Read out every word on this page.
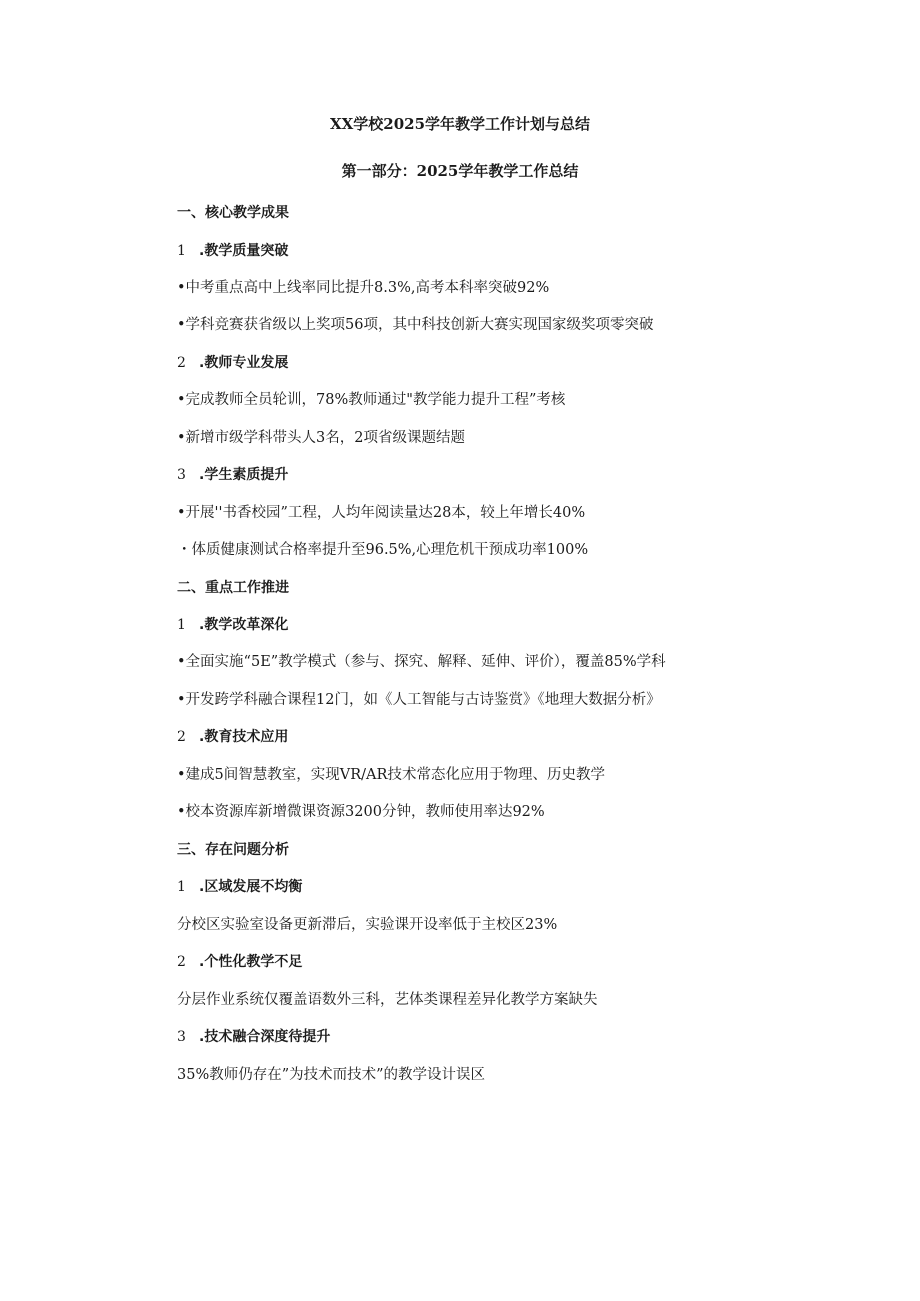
XX学校2025学年教学工作计划与总结
第一部分：2025学年教学工作总结
一、核心教学成果
1 .教学质量突破
•中考重点高中上线率同比提升8.3%,高考本科率突破92%
•学科竞赛获省级以上奖项56项，其中科技创新大赛实现国家级奖项零突破
2 .教师专业发展
•完成教师全员轮训，78%教师通过"教学能力提升工程”考核
•新增市级学科带头人3名，2项省级课题结题
3 .学生素质提升
•开展''书香校园”工程，人均年阅读量达28本，较上年增长40%
・体质健康测试合格率提升至96.5%,心理危机干预成功率100%
二、重点工作推进
1 .教学改革深化
•全面实施“5E”教学模式（参与、探究、解释、延伸、评价），覆盖85%学科
•开发跨学科融合课程12门，如《人工智能与古诗鉴赏》《地理大数据分析》
2 .教育技术应用
•建成5间智慧教室，实现VR/AR技术常态化应用于物理、历史教学
•校本资源库新增微课资源3200分钟，教师使用率达92%
三、存在问题分析
1 .区域发展不均衡
分校区实验室设备更新滞后，实验课开设率低于主校区23%
2 .个性化教学不足
分层作业系统仅覆盖语数外三科，艺体类课程差异化教学方案缺失
3 .技术融合深度待提升
35%教师仍存在”为技术而技术”的教学设计误区
